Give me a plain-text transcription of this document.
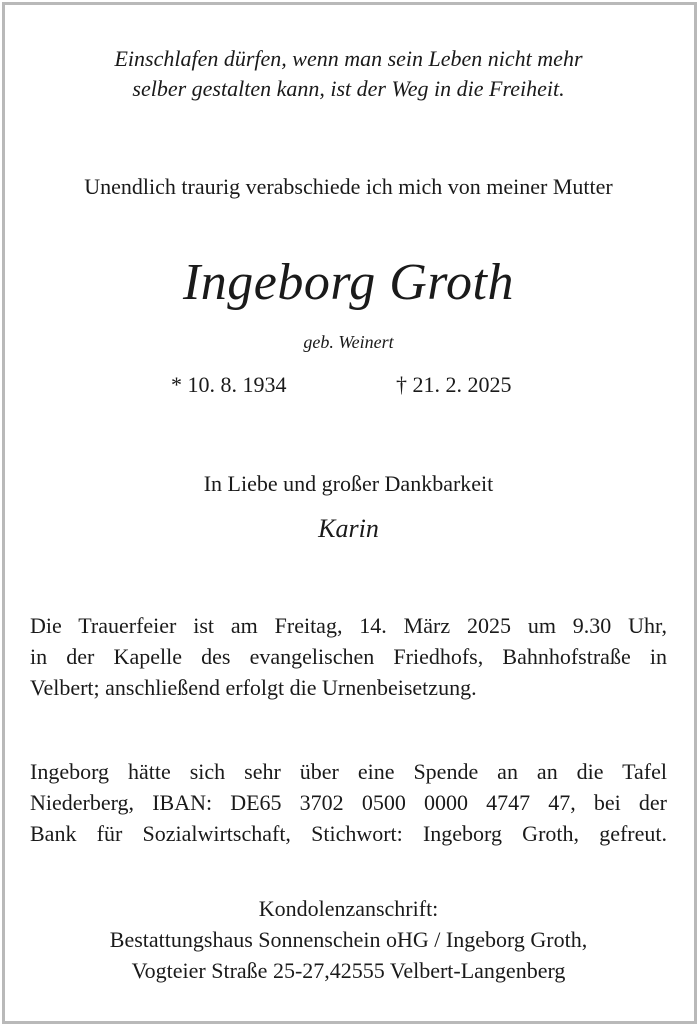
Einschlafen dürfen, wenn man sein Leben nicht mehr
selber gestalten kann, ist der Weg in die Freiheit.
Unendlich traurig verabschiede ich mich von meiner Mutter
Ingeborg Groth
geb. Weinert
* 10. 8. 1934	† 21. 2. 2025
In Liebe und großer Dankbarkeit
Karin
Die Trauerfeier ist am Freitag, 14. März 2025 um 9.30 Uhr,
in der Kapelle des evangelischen Friedhofs, Bahnhofstraße in
Velbert; anschließend erfolgt die Urnenbeisetzung.
Ingeborg hätte sich sehr über eine Spende an an die Tafel
Niederberg, IBAN: DE65 3702 0500 0000 4747 47, bei der
Bank für Sozialwirtschaft, Stichwort: Ingeborg Groth, gefreut.
Kondolenzanschrift:
Bestattungshaus Sonnenschein oHG / Ingeborg Groth,
Vogteier Straße 25-27,42555 Velbert-Langenberg
